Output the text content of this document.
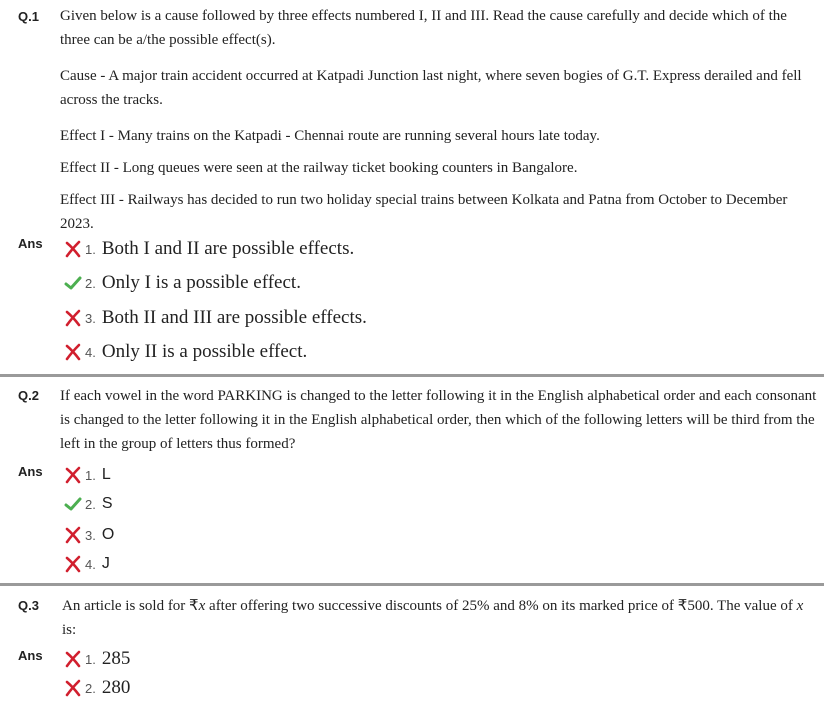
Q.1 Given below is a cause followed by three effects numbered I, II and III. Read the cause carefully and decide which of the three can be a/the possible effect(s).

Cause - A major train accident occurred at Katpadi Junction last night, where seven bogies of G.T. Express derailed and fell across the tracks.

Effect I - Many trains on the Katpadi - Chennai route are running several hours late today.

Effect II - Long queues were seen at the railway ticket booking counters in Bangalore.

Effect III - Railways has decided to run two holiday special trains between Kolkata and Patna from October to December 2023.

Ans	1. Both I and II are possible effects.
2. Only I is a possible effect.
3. Both II and III are possible effects.
4. Only II is a possible effect.
Q.2 If each vowel in the word PARKING is changed to the letter following it in the English alphabetical order and each consonant is changed to the letter following it in the English alphabetical order, then which of the following letters will be third from the left in the group of letters thus formed?
Ans	1. L
2. S
3. O
4. J
Q.3 An article is sold for ₹x after offering two successive discounts of 25% and 8% on its marked price of ₹500. The value of x is:
Ans	1. 285
2. 280
